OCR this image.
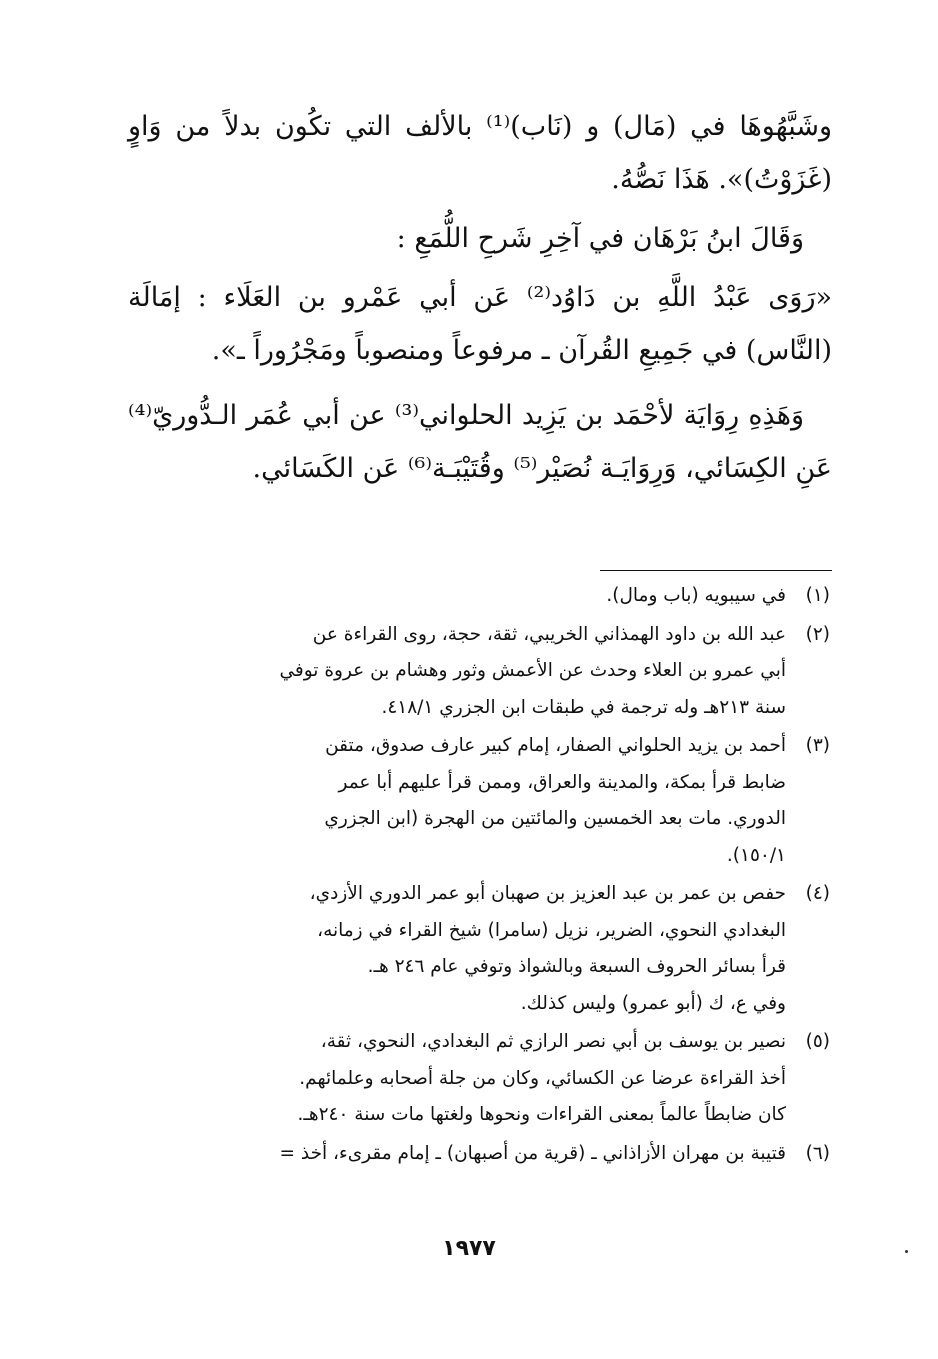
وشَبَّهُوهَا في (مَال) و (نَاب)⁽¹⁾ بالألف التي تكُون بدلاً من وَاوٍ (غَزَوْتُ)». هَذَا نَصُّهُ.

وَقَالَ ابنُ بَرْهَان في آخِرِ شَرحِ اللُّمَعِ :

«رَوَى عَبْدُ اللَّهِ بن دَاوُد⁽²⁾ عَن أبي عَمْرو بن العَلَاء : إمَالَة (النَّاس) في جَمِيعِ القُرآن ـ مرفوعاً ومنصوباً ومَجْرُوراً ـ».

وَهَذِهِ رِوَايَة لأحْمَد بن يَزِيد الحلواني⁽³⁾ عن أبي عُمَر الـدُّوريّ⁽⁴⁾ عَنِ الكِسَائي، وَرِوَايَـة نُصَيْر⁽⁵⁾ وقُتَيْبَـة⁽⁶⁾ عَن الكَسَائي.

(١)
في سيبويه (باب ومال).
(٢)
عبد الله بن داود الهمذاني الخريبي، ثقة، حجة، روى القراءة عن
أبي عمرو بن العلاء وحدث عن الأعمش وثور وهشام بن عروة توفي
سنة ٢١٣هـ وله ترجمة في طبقات ابن الجزري ٤١٨/١.
(٣)
أحمد بن يزيد الحلواني الصفار، إمام كبير عارف صدوق، متقن
ضابط قرأ بمكة، والمدينة والعراق، وممن قرأ عليهم أبا عمر
الدوري. مات بعد الخمسين والمائتين من الهجرة (ابن الجزري
١٥٠/١).
(٤)
حفص بن عمر بن عبد العزيز بن صهبان أبو عمر الدوري الأزدي،
البغدادي النحوي، الضرير، نزيل (سامرا) شيخ القراء في زمانه،
قرأ بسائر الحروف السبعة وبالشواذ وتوفي عام ٢٤٦ هـ.
وفي ع، ك (أبو عمرو) وليس كذلك.
(٥)
نصير بن يوسف بن أبي نصر الرازي ثم البغدادي، النحوي، ثقة،
أخذ القراءة عرضا عن الكسائي، وكان من جلة أصحابه وعلمائهم.
كان ضابطاً عالماً بمعنى القراءات ونحوها ولغتها مات سنة ٢٤٠هـ.
(٦)
قتيبة بن مهران الأزاذاني ـ (قرية من أصبهان) ـ إمام مقرىء، أخذ =
١٩٧٧
